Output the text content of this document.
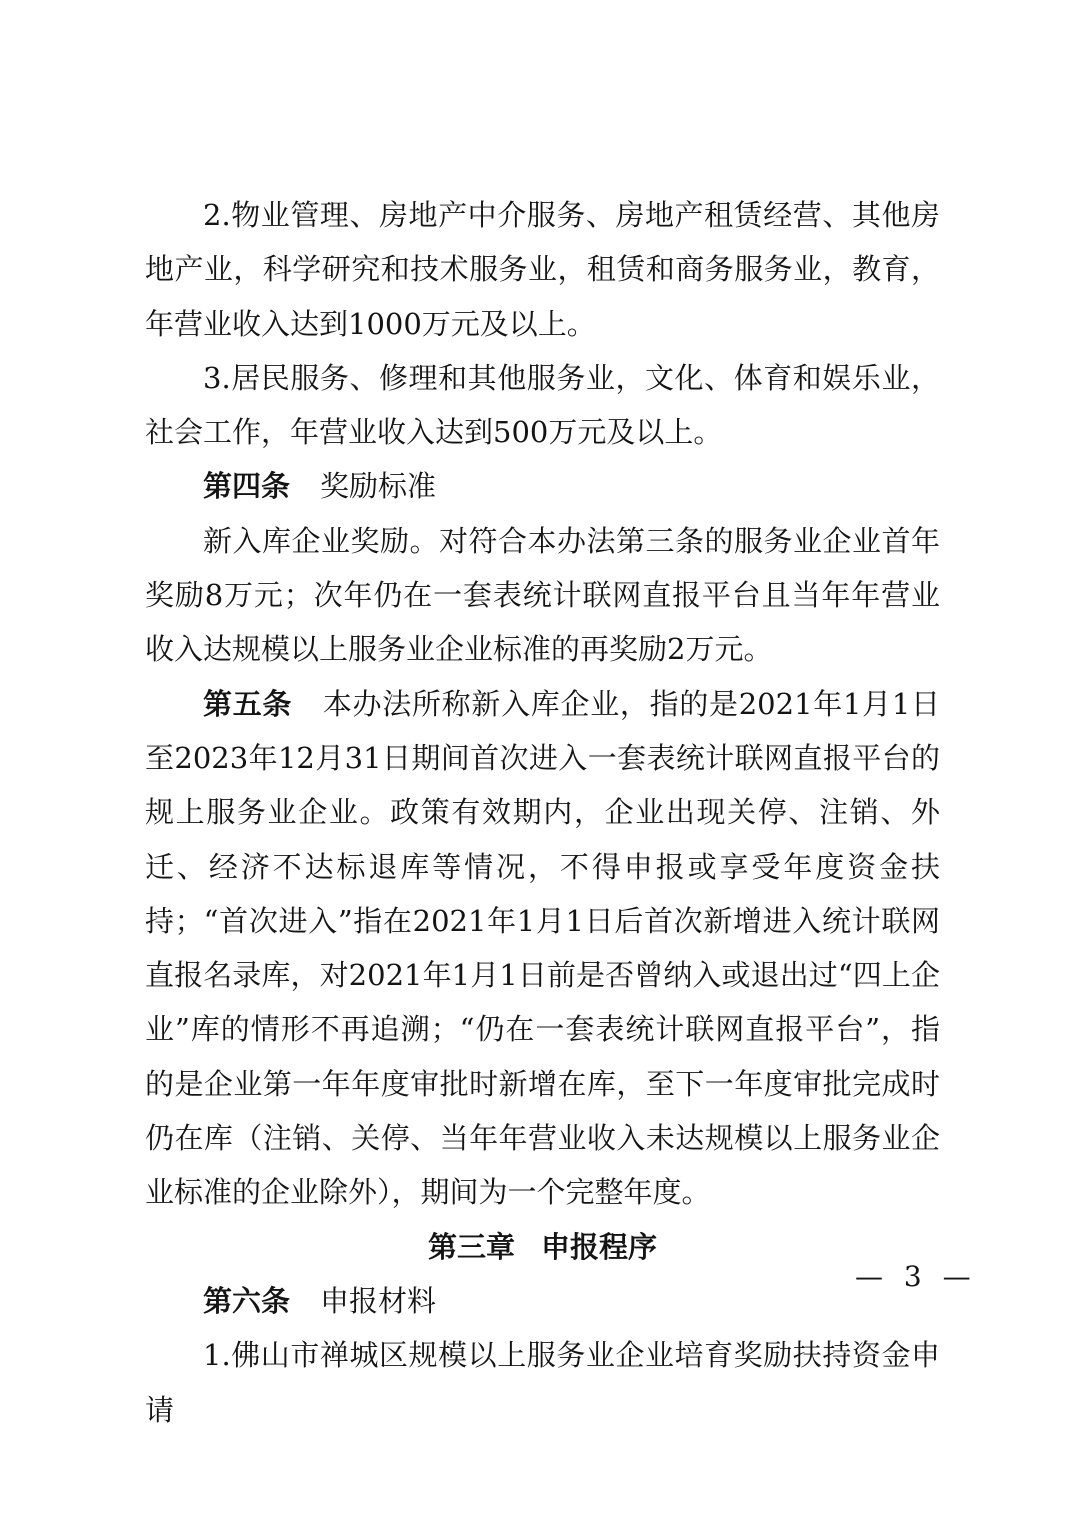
2.物业管理、房地产中介服务、房地产租赁经营、其他房地产业，科学研究和技术服务业，租赁和商务服务业，教育，年营业收入达到1000万元及以上。

3.居民服务、修理和其他服务业，文化、体育和娱乐业，社会工作，年营业收入达到500万元及以上。

第四条 奖励标准

新入库企业奖励。对符合本办法第三条的服务业企业首年奖励8万元；次年仍在一套表统计联网直报平台且当年年营业收入达规模以上服务业企业标准的再奖励2万元。

第五条 本办法所称新入库企业，指的是2021年1月1日至2023年12月31日期间首次进入一套表统计联网直报平台的规上服务业企业。政策有效期内，企业出现关停、注销、外迁、经济不达标退库等情况，不得申报或享受年度资金扶持；“首次进入”指在2021年1月1日后首次新增进入统计联网直报名录库，对2021年1月1日前是否曾纳入或退出过“四上企业”库的情形不再追溯；“仍在一套表统计联网直报平台”，指的是企业第一年年度审批时新增在库，至下一年度审批完成时仍在库（注销、关停、当年年营业收入未达规模以上服务业企业标准的企业除外），期间为一个完整年度。

第三章 申报程序

第六条 申报材料

1.佛山市禅城区规模以上服务业企业培育奖励扶持资金申请

— 3 —
